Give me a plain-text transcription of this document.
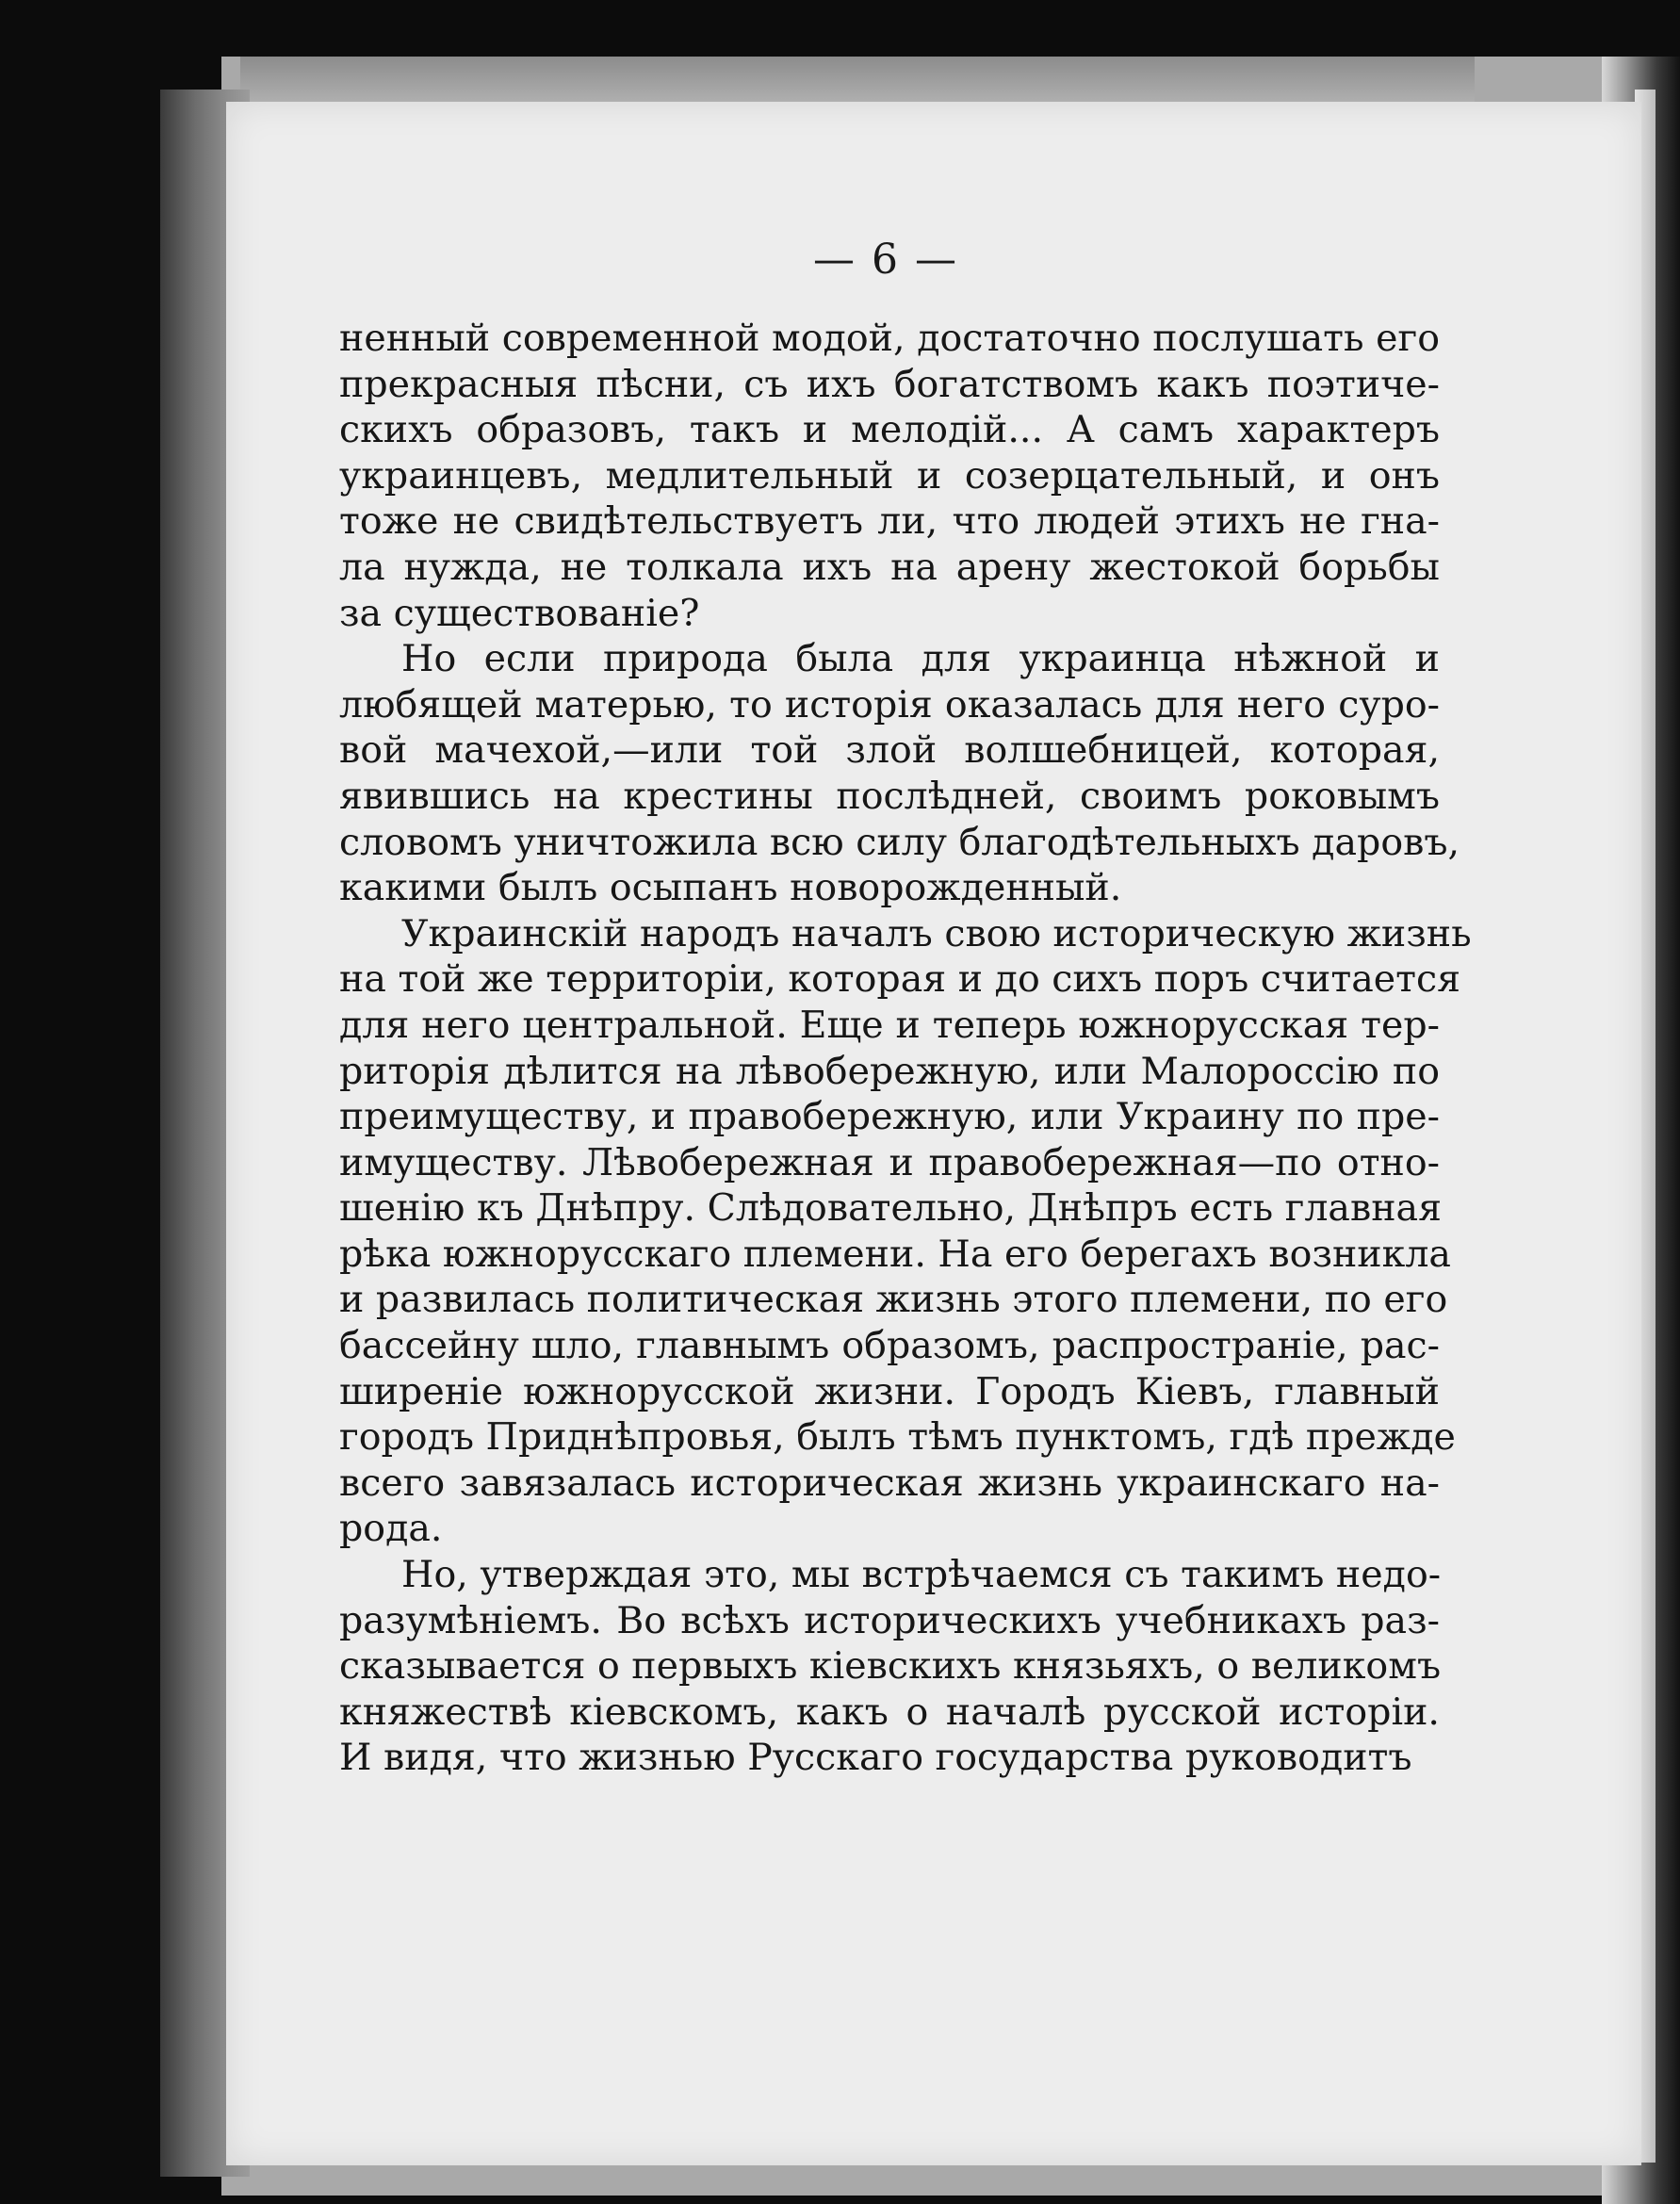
— 6 —
ненный современной модой, достаточно послушать его
прекрасныя пѣсни, съ ихъ богатствомъ какъ поэтиче-
скихъ образовъ, такъ и мелодій... А самъ характеръ
украинцевъ, медлительный и созерцательный, и онъ
тоже не свидѣтельствуетъ ли, что людей этихъ не гна-
ла нужда, не толкала ихъ на арену жестокой борьбы
за существованіе?
Но если природа была для украинца нѣжной и
любящей матерью, то исторія оказалась для него суро-
вой мачехой,—или той злой волшебницей, которая,
явившись на крестины послѣдней, своимъ роковымъ
словомъ уничтожила всю силу благодѣтельныхъ даровъ,
какими былъ осыпанъ новорожденный.
Украинскій народъ началъ свою историческую жизнь
на той же территоріи, которая и до сихъ поръ считается
для него центральной. Еще и теперь южнорусская тер-
риторія дѣлится на лѣвобережную, или Малороссію по
преимуществу, и правобережную, или Украину по пре-
имуществу. Лѣвобережная и правобережная—по отно-
шенію къ Днѣпру. Слѣдовательно, Днѣпръ есть главная
рѣка южнорусскаго племени. На его берегахъ возникла
и развилась политическая жизнь этого племени, по его
бассейну шло, главнымъ образомъ, распространіе, рас-
ширеніе южнорусской жизни. Городъ Кіевъ, главный
городъ Приднѣпровья, былъ тѣмъ пунктомъ, гдѣ прежде
всего завязалась историческая жизнь украинскаго на-
рода.
Но, утверждая это, мы встрѣчаемся съ такимъ недо-
разумѣніемъ. Во всѣхъ историческихъ учебникахъ раз-
сказывается о первыхъ кіевскихъ князьяхъ, о великомъ
княжествѣ кіевскомъ, какъ о началѣ русской исторіи.
И видя, что жизнью Русскаго государства руководитъ
